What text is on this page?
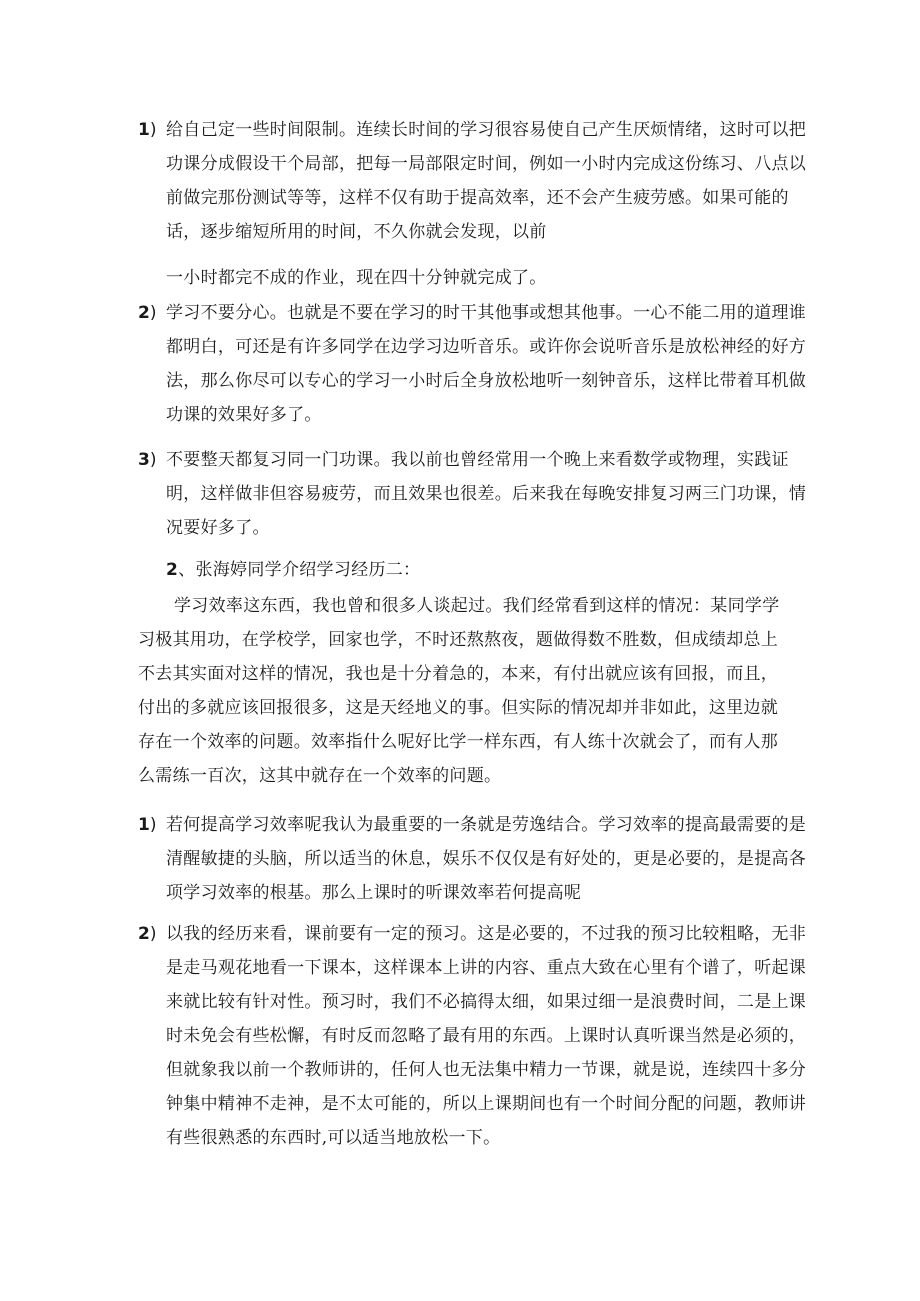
1) 给自己定一些时间限制。连续长时间的学习很容易使自己产生厌烦情绪，这时可以把功课分成假设干个局部，把每一局部限定时间，例如一小时内完成这份练习、八点以前做完那份测试等等，这样不仅有助于提高效率，还不会产生疲劳感。如果可能的话，逐步缩短所用的时间，不久你就会发现，以前

一小时都完不成的作业，现在四十分钟就完成了。

2) 学习不要分心。也就是不要在学习的时干其他事或想其他事。一心不能二用的道理谁都明白，可还是有许多同学在边学习边听音乐。或许你会说听音乐是放松神经的好方法，那么你尽可以专心的学习一小时后全身放松地听一刻钟音乐，这样比带着耳机做功课的效果好多了。

3) 不要整天都复习同一门功课。我以前也曾经常用一个晚上来看数学或物理，实践证明，这样做非但容易疲劳，而且效果也很差。后来我在每晚安排复习两三门功课，情况要好多了。

2、张海婷同学介绍学习经历二：

学习效率这东西，我也曾和很多人谈起过。我们经常看到这样的情况：某同学学习极其用功，在学校学，回家也学，不时还熬熬夜，题做得数不胜数，但成绩却总上不去其实面对这样的情况，我也是十分着急的，本来，有付出就应该有回报，而且，付出的多就应该回报很多，这是天经地义的事。但实际的情况却并非如此，这里边就存在一个效率的问题。效率指什么呢好比学一样东西，有人练十次就会了，而有人那么需练一百次，这其中就存在一个效率的问题。

1) 若何提高学习效率呢我认为最重要的一条就是劳逸结合。学习效率的提高最需要的是清醒敏捷的头脑，所以适当的休息，娱乐不仅仅是有好处的，更是必要的，是提高各项学习效率的根基。那么上课时的听课效率若何提高呢

2) 以我的经历来看，课前要有一定的预习。这是必要的，不过我的预习比较粗略，无非是走马观花地看一下课本，这样课本上讲的内容、重点大致在心里有个谱了，听起课来就比较有针对性。预习时，我们不必搞得太细，如果过细一是浪费时间，二是上课时未免会有些松懈，有时反而忽略了最有用的东西。上课时认真听课当然是必须的，但就象我以前一个教师讲的，任何人也无法集中精力一节课，就是说，连续四十多分钟集中精神不走神，是不太可能的，所以上课期间也有一个时间分配的问题，教师讲有些很熟悉的东西时,可以适当地放松一下。
